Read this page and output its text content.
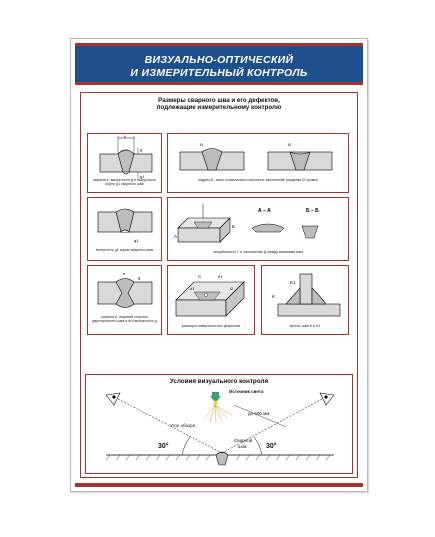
ВИЗУАЛЬНО-ОПТИЧЕСКИЙ
И ИЗМЕРИТЕЛЬНЫЙ КОНТРОЛЬ
Размеры сварного шва и его дефектов,
подлежащие измерительному контролю
e
g
g1
ширина e, выпуклость g и выпуклость корня g1 сварного шва
f1	f2
подрез f1, зоны сплавления и неполное заполнение разделки f2 кромок
g1
вогнутость g1 корня сварного шва
А
Б
А – А	Б – Б
чешуйчатость Г и заполнение Д между валиками шва
e
g
ширина e, лицевой стороны двустороннего шва и его выпуклость g
l1	b1
d1	l2
размеры поверхностных дефектов
K
K1
катеты шва K и K1
Условия визуального контроля
Источник света
до 600 мм
Угол обзора
Сварной
шов
30°	30°
